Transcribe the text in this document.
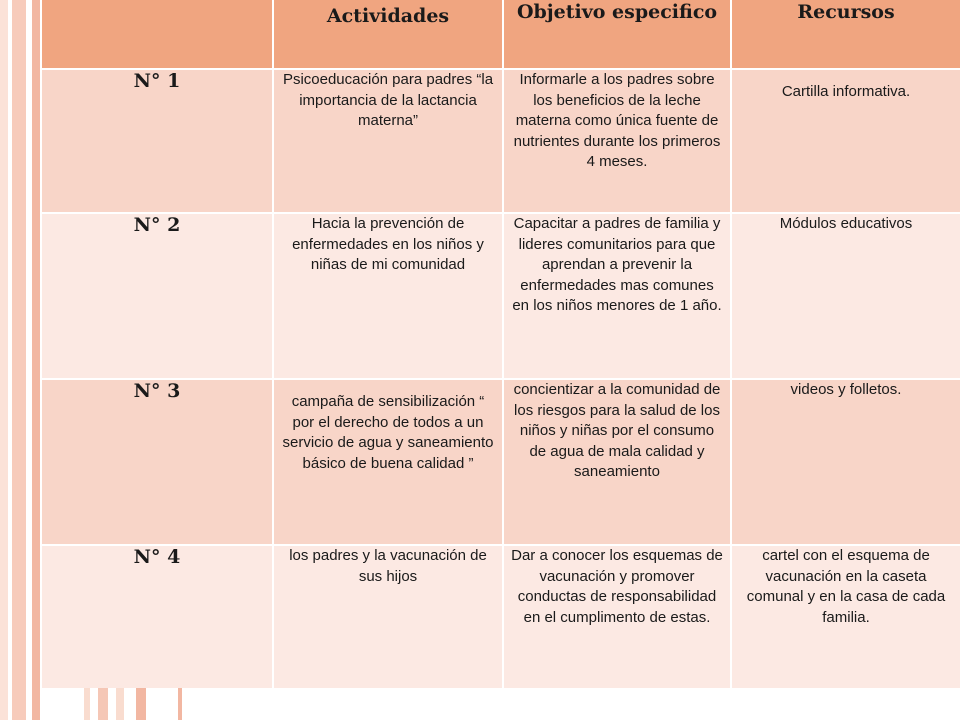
	Actividades	Objetivo especifico	Recursos
N° 1	Psicoeducación para padres “la importancia de la lactancia materna”	Informarle a los padres sobre los beneficios de la leche materna como única fuente de nutrientes durante los primeros 4 meses.	Cartilla informativa.
N° 2	Hacia la prevención de enfermedades en los niños y niñas de mi comunidad	Capacitar a padres de familia y lideres comunitarios para que aprendan a prevenir la enfermedades mas comunes en los niños menores de 1 año.	Módulos educativos
N° 3	campaña de sensibilización “ por el derecho de todos a un servicio de agua y saneamiento básico de buena calidad ”	concientizar a la comunidad de los riesgos para la salud de los niños y niñas por el consumo de agua de mala calidad y saneamiento	videos y folletos.
N° 4	los padres y la vacunación de sus hijos	Dar a conocer los esquemas de vacunación y promover conductas de responsabilidad en el cumplimento de estas.	cartel con el esquema de vacunación en la caseta comunal y en la casa de cada familia.
